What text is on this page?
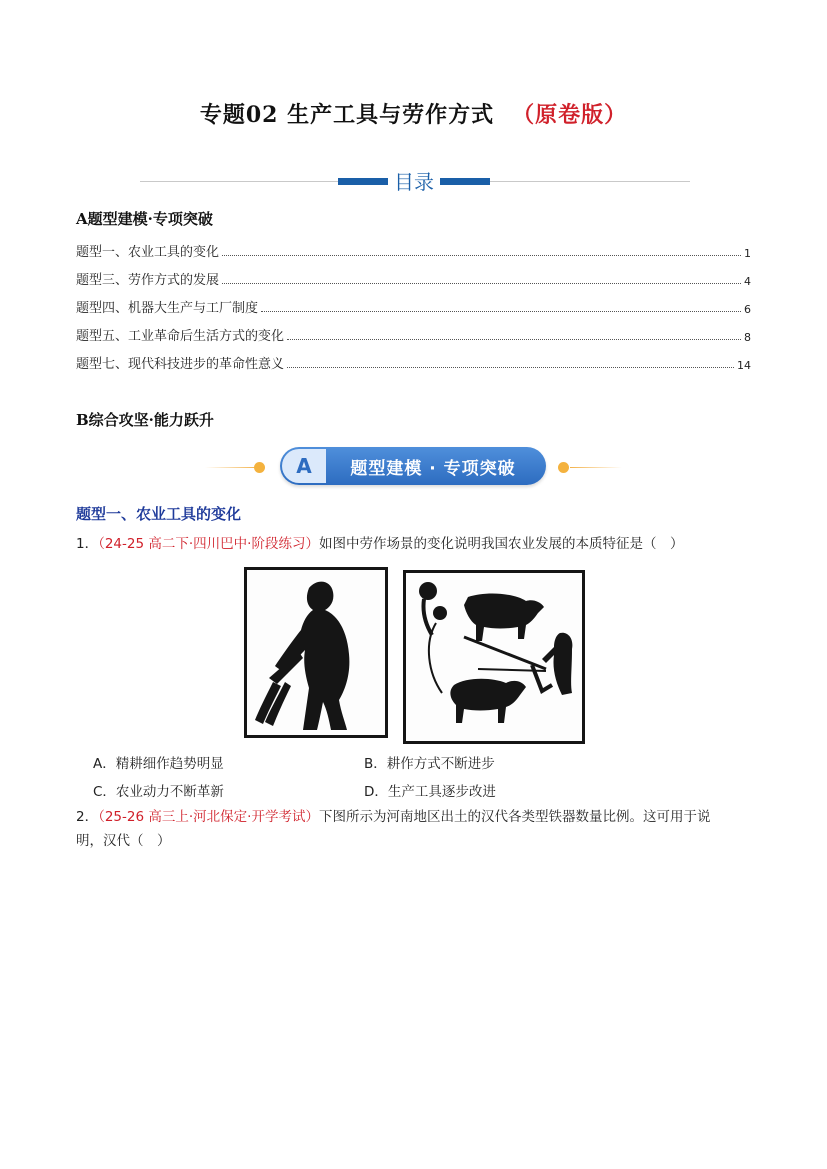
专题02 生产工具与劳作方式 （原卷版）
目录
A题型建模·专项突破
题型一、农业工具的变化	1
题型三、劳作方式的发展	4
题型四、机器大生产与工厂制度	6
题型五、工业革命后生活方式的变化	8
题型七、现代科技进步的革命性意义	14
B综合攻坚·能力跃升
A	题型建模 · 专项突破
题型一、农业工具的变化
1．（24-25 高二下·四川巴中·阶段练习）如图中劳作场景的变化说明我国农业发展的本质特征是（　）
A．精耕细作趋势明显	B．耕作方式不断进步
C．农业动力不断革新	D．生产工具逐步改进
2．（25-26 高三上·河北保定·开学考试）下图所示为河南地区出土的汉代各类型铁器数量比例。这可用于说
明，汉代（　）
